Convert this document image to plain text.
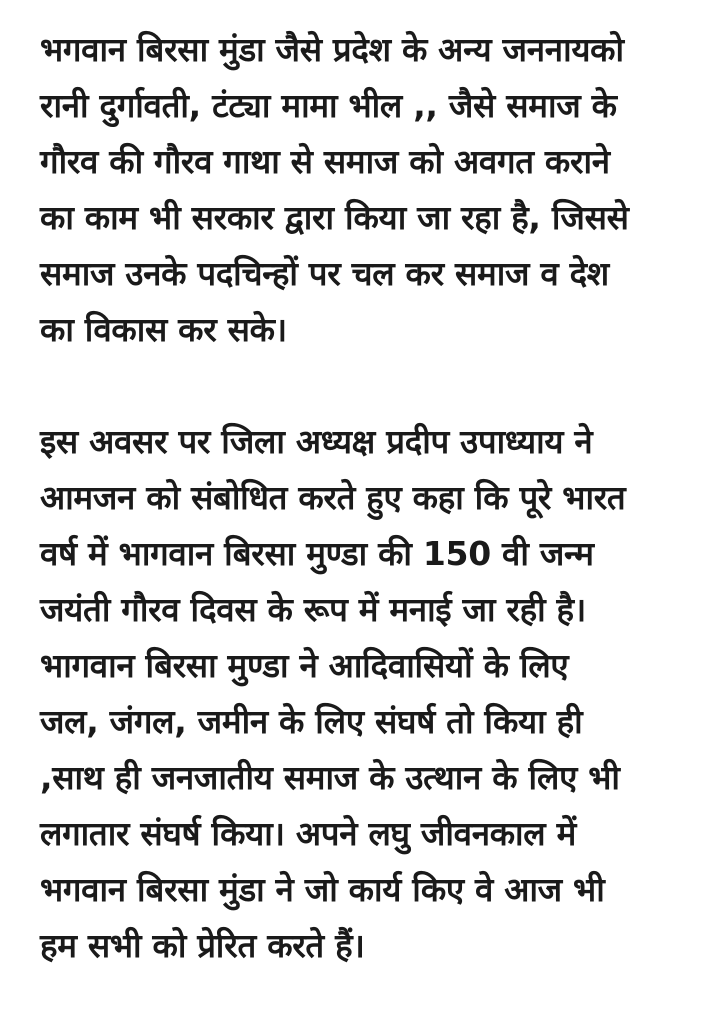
भगवान बिरसा मुंडा जैसे प्रदेश के अन्य जननायको
रानी दुर्गावती, टंट्या मामा भील ,, जैसे समाज के
गौरव की गौरव गाथा से समाज को अवगत कराने
का काम भी सरकार द्वारा किया जा रहा है, जिससे
समाज उनके पदचिन्हों पर चल कर समाज व देश
का विकास कर सके।

इस अवसर पर जिला अध्यक्ष प्रदीप उपाध्याय ने
आमजन को संबोधित करते हुए कहा कि पूरे भारत
वर्ष में भागवान बिरसा मुण्डा की 150 वी जन्म
जयंती गौरव दिवस के रूप में मनाई जा रही है।
भागवान बिरसा मुण्डा ने आदिवासियों के लिए
जल, जंगल, जमीन के लिए संघर्ष तो किया ही
,साथ ही जनजातीय समाज के उत्थान के लिए भी
लगातार संघर्ष किया। अपने लघु जीवनकाल में
भगवान बिरसा मुंडा ने जो कार्य किए वे आज भी
हम सभी को प्रेरित करते हैं।
